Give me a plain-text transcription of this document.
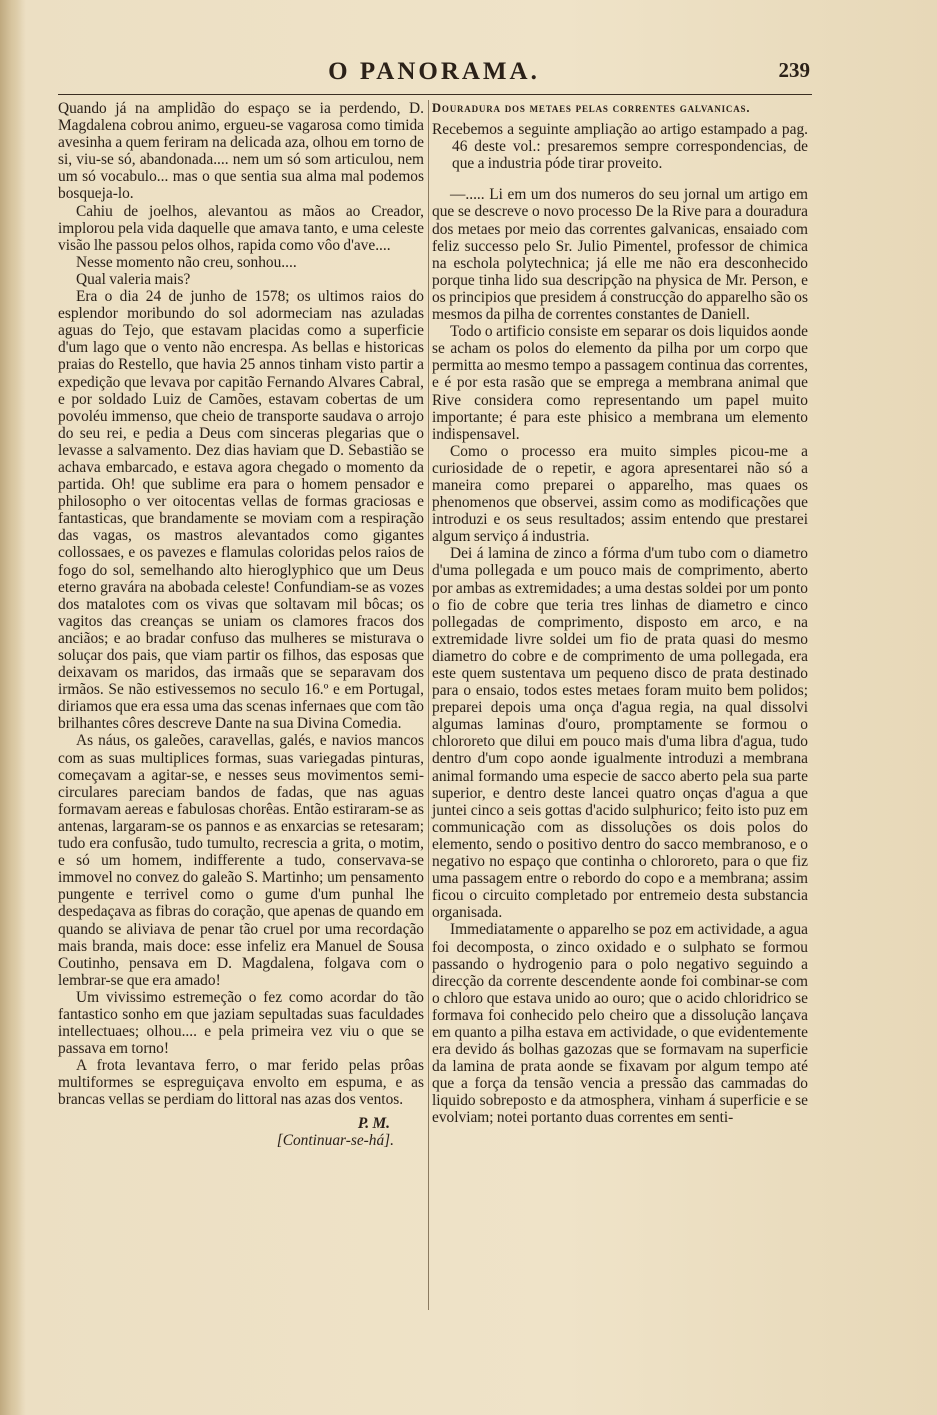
O PANORAMA.	239

Quando já na amplidão do espaço se ia perdendo, D. Magdalena cobrou animo, ergueu-se vagarosa como timida avesinha a quem feriram na delicada aza, olhou em torno de si, viu-se só, abandonada.... nem um só som articulou, nem um só vocabulo... mas o que sentia sua alma mal podemos bosqueja-lo.

Cahiu de joelhos, alevantou as mãos ao Creador, implorou pela vida daquelle que amava tanto, e uma celeste visão lhe passou pelos olhos, rapida como vôo d'ave....

Nesse momento não creu, sonhou....

Qual valeria mais?

Era o dia 24 de junho de 1578; os ultimos raios do esplendor moribundo do sol adormeciam nas azuladas aguas do Tejo, que estavam placidas como a superficie d'um lago que o vento não encrespa. As bellas e historicas praias do Restello, que havia 25 annos tinham visto partir a expedição que levava por capitão Fernando Alvares Cabral, e por soldado Luiz de Camões, estavam cobertas de um povoléu immenso, que cheio de transporte saudava o arrojo do seu rei, e pedia a Deus com sinceras plegarias que o levasse a salvamento. Dez dias haviam que D. Sebastião se achava embarcado, e estava agora chegado o momento da partida. Oh! que sublime era para o homem pensador e philosopho o ver oitocentas vellas de formas graciosas e fantasticas, que brandamente se moviam com a respiração das vagas, os mastros alevantados como gigantes collossaes, e os pavezes e flamulas coloridas pelos raios de fogo do sol, semelhando alto hieroglyphico que um Deus eterno gravára na abobada celeste! Confundiam-se as vozes dos matalotes com os vivas que soltavam mil bôcas; os vagitos das creanças se uniam os clamores fracos dos anciãos; e ao bradar confuso das mulheres se misturava o soluçar dos pais, que viam partir os filhos, das esposas que deixavam os maridos, das irmaãs que se separavam dos irmãos. Se não estivessemos no seculo 16.º e em Portugal, diriamos que era essa uma das scenas infernaes que com tão brilhantes côres descreve Dante na sua Divina Comedia.

As náus, os galeões, caravellas, galés, e navios mancos com as suas multiplices formas, suas variegadas pinturas, começavam a agitar-se, e nesses seus movimentos semi-circulares pareciam bandos de fadas, que nas aguas formavam aereas e fabulosas chorêas. Então estiraram-se as antenas, largaram-se os pannos e as enxarcias se retesaram; tudo era confusão, tudo tumulto, recrescia a grita, o motim, e só um homem, indifferente a tudo, conservava-se immovel no convez do galeão S. Martinho; um pensamento pungente e terrivel como o gume d'um punhal lhe despedaçava as fibras do coração, que apenas de quando em quando se aliviava de penar tão cruel por uma recordação mais branda, mais doce: esse infeliz era Manuel de Sousa Coutinho, pensava em D. Magdalena, folgava com o lembrar-se que era amado!

Um vivissimo estremeção o fez como acordar do tão fantastico sonho em que jaziam sepultadas suas faculdades intellectuaes; olhou.... e pela primeira vez viu o que se passava em torno!

A frota levantava ferro, o mar ferido pelas prôas multiformes se espreguiçava envolto em espuma, e as brancas vellas se perdiam do littoral nas azas dos ventos.

P. M.

[Continuar-se-há].

Douradura dos metaes pelas correntes galvanicas.

Recebemos a seguinte ampliação ao artigo estampado a pag. 46 deste vol.: presaremos sempre correspondencias, de que a industria póde tirar proveito.

—..... Li em um dos numeros do seu jornal um artigo em que se descreve o novo processo De la Rive para a douradura dos metaes por meio das correntes galvanicas, ensaiado com feliz successo pelo Sr. Julio Pimentel, professor de chimica na escholа polytechnica; já elle me não era desconhecido porque tinha lido sua descripção na physica de Mr. Person, e os principios que presidem á construcção do apparelho são os mesmos da pilha de correntes constantes de Daniell.

Todo o artificio consiste em separar os dois liquidos aonde se acham os polos do elemento da pilha por um corpo que permitta ao mesmo tempo a passagem continua das correntes, e é por esta rasão que se emprega a membrana animal que Rive considera como representando um papel muito importante; é para este phisico a membrana um elemento indispensavel.

Como o processo era muito simples picou-me a curiosidade de o repetir, e agora apresentarei não só a maneira como preparei o apparelho, mas quaes os phenomenos que observei, assim como as modificações que introduzi e os seus resultados; assim entendo que prestarei algum serviço á industria.

Dei á lamina de zinco a fórma d'um tubo com o diametro d'uma pollegada e um pouco mais de comprimento, aberto por ambas as extremidades; a uma destas soldei por um ponto o fio de cobre que teria tres linhas de diametro e cinco pollegadas de comprimento, disposto em arco, e na extremidade livre soldei um fio de prata quasi do mesmo diametro do cobre e de comprimento de uma pollegada, era este quem sustentava um pequeno disco de prata destinado para o ensaio, todos estes metaes foram muito bem polidos; preparei depois uma onça d'agua regia, na qual dissolvi algumas laminas d'ouro, promptamente se formou o chlororeto que dilui em pouco mais d'uma libra d'agua, tudo dentro d'um copo aonde igualmente introduzi a membrana animal formando uma especie de sacco aberto pela sua parte superior, e dentro deste lancei quatro onças d'agua a que juntei cinco a seis gottas d'acido sulphurico; feito isto puz em communicação com as dissoluções os dois polos do elemento, sendo o positivo dentro do sacco membranoso, e o negativo no espaço que continha o chlororeto, para o que fiz uma passagem entre o rebordo do copo e a membrana; assim ficou o circuito completado por entremeio desta substancia organisada.

Immediatamente o apparelho se poz em actividade, a agua foi decomposta, o zinco oxidado e o sulphato se formou passando o hydrogenio para o polo negativo seguindo a direcção da corrente descendente aonde foi combinar-se com o chloro que estava unido ao ouro; que o acido chloridrico se formava foi conhecido pelo cheiro que a dissolução lançava em quanto a pilha estava em actividade, o que evidentemente era devido ás bolhas gazozas que se formavam na superficie da lamina de prata aonde se fixavam por algum tempo até que a força da tensão vencia a pressão das cammadas do liquido sobreposto e da atmosphera, vinham á superficie e se evolviam; notei portanto duas correntes em senti-
